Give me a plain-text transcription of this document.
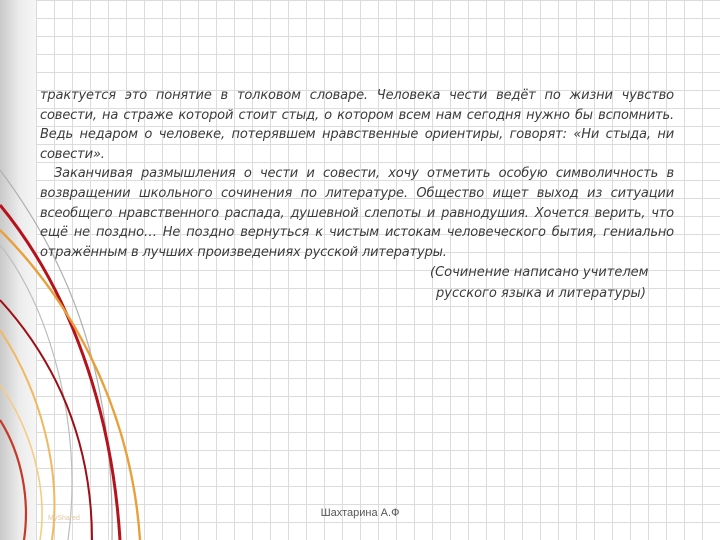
трактуется это понятие в толковом словаре. Человека чести ведёт по жизни чувство совести, на страже которой стоит стыд, о котором всем нам сегодня нужно бы вспомнить. Ведь недаром о человеке, потерявшем нравственные ориентиры, говорят: «Ни стыда, ни совести».

Заканчивая размышления о чести и совести, хочу отметить особую символичность в возвращении школьного сочинения по литературе. Общество ищет выход из ситуации всеобщего нравственного распада, душевной слепоты и равнодушия. Хочется верить, что ещё не поздно… Не поздно вернуться к чистым истокам человеческого бытия, гениально отражённым в лучших произведениях русской литературы.

(Сочинение написано учителем
русского языка и литературы)
MyShared	Шахтарина А.Ф
